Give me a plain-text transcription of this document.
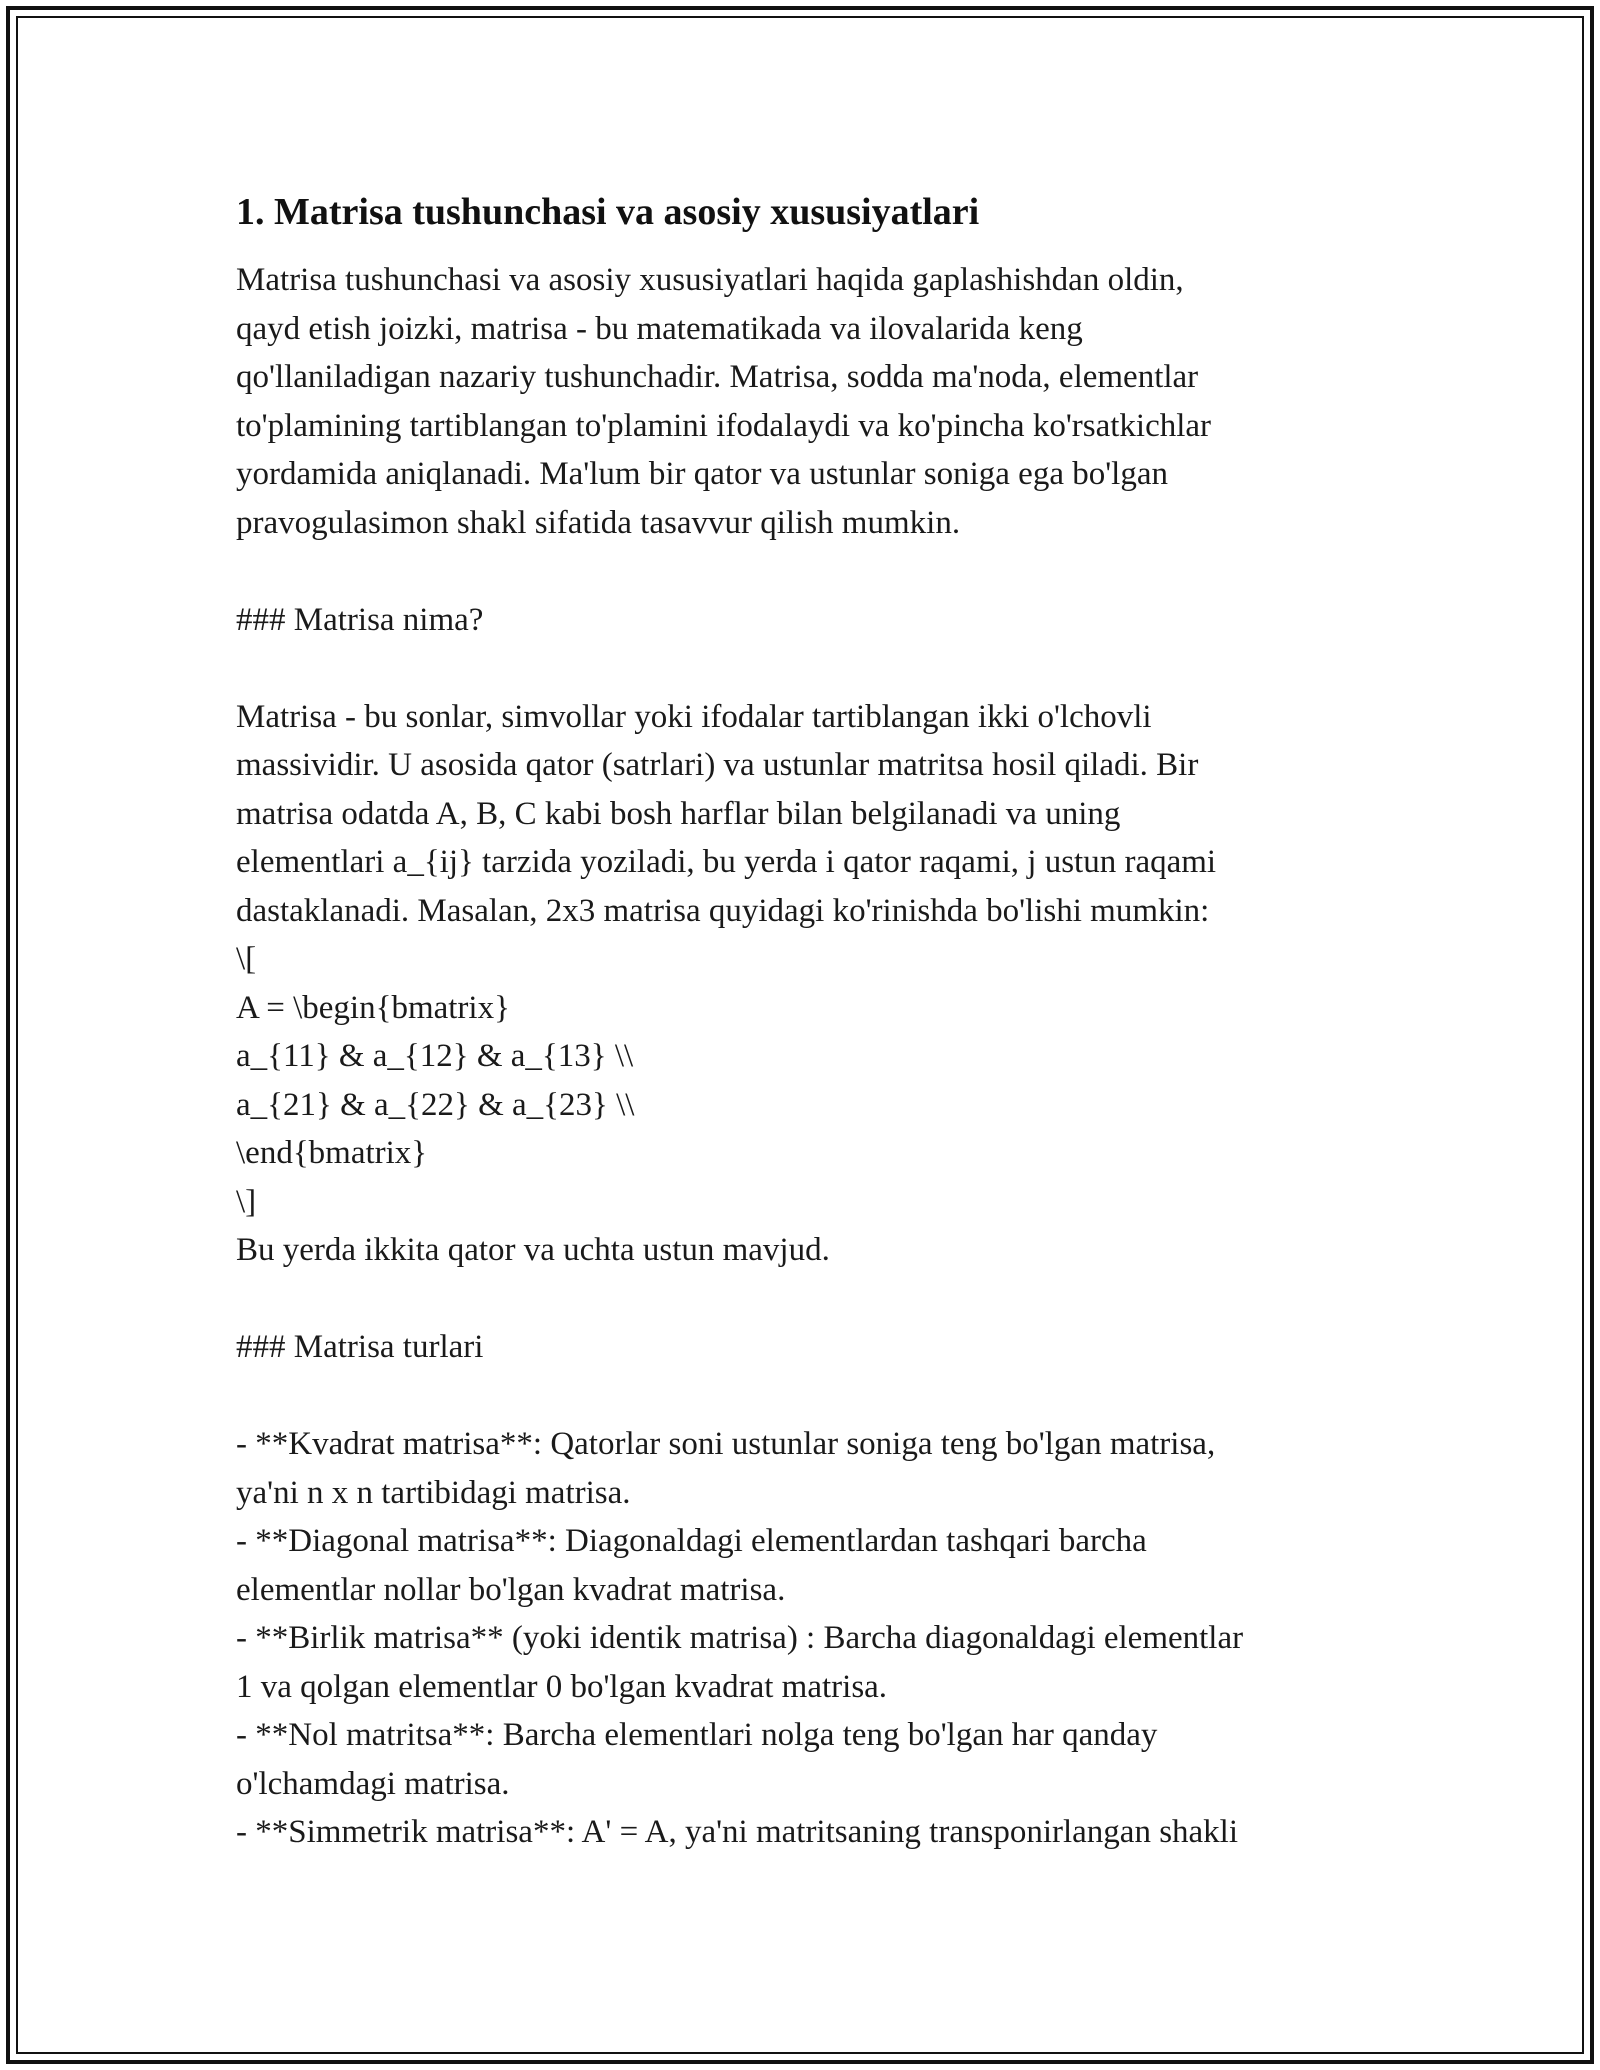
1. Matrisa tushunchasi va asosiy xususiyatlari
Matrisa tushunchasi va asosiy xususiyatlari haqida gaplashishdan oldin,
qayd etish joizki, matrisa - bu matematikada va ilovalarida keng
qo'llaniladigan nazariy tushunchadir. Matrisa, sodda ma'noda, elementlar
to'plamining tartiblangan to'plamini ifodalaydi va ko'pincha ko'rsatkichlar
yordamida aniqlanadi. Ma'lum bir qator va ustunlar soniga ega bo'lgan
pravogulasimon shakl sifatida tasavvur qilish mumkin.
### Matrisa nima?
Matrisa - bu sonlar, simvollar yoki ifodalar tartiblangan ikki o'lchovli
massividir. U asosida qator (satrlari) va ustunlar matritsa hosil qiladi. Bir
matrisa odatda A, B, C kabi bosh harflar bilan belgilanadi va uning
elementlari a_{ij} tarzida yoziladi, bu yerda i qator raqami, j ustun raqami
dastaklanadi. Masalan, 2x3 matrisa quyidagi ko'rinishda bo'lishi mumkin:
\[
A = \begin{bmatrix}
a_{11} & a_{12} & a_{13} \\
a_{21} & a_{22} & a_{23} \\
\end{bmatrix}
\]
Bu yerda ikkita qator va uchta ustun mavjud.
### Matrisa turlari
- **Kvadrat matrisa**: Qatorlar soni ustunlar soniga teng bo'lgan matrisa,
ya'ni n x n tartibidagi matrisa.
- **Diagonal matrisa**: Diagonaldagi elementlardan tashqari barcha
elementlar nollar bo'lgan kvadrat matrisa.
- **Birlik matrisa** (yoki identik matrisa) : Barcha diagonaldagi elementlar
1 va qolgan elementlar 0 bo'lgan kvadrat matrisa.
- **Nol matritsa**: Barcha elementlari nolga teng bo'lgan har qanday
o'lchamdagi matrisa.
- **Simmetrik matrisa**: A' = A, ya'ni matritsaning transponirlangan shakli
